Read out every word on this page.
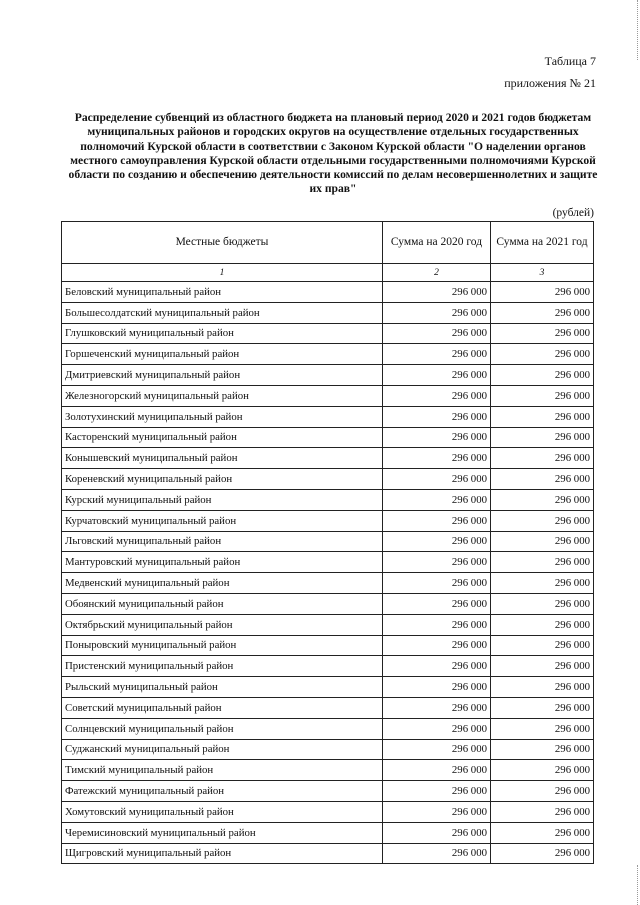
Таблица 7
приложения № 21
Распределение субвенций из областного бюджета на плановый период 2020 и 2021 годов бюджетам муниципальных районов и городских округов на осуществление отдельных государственных полномочий Курской области в соответствии с Законом Курской области "О наделении органов местного самоуправления Курской области отдельными государственными полномочиями Курской области по созданию и обеспечению деятельности комиссий по делам несовершеннолетних и защите их прав"
(рублей)
Местные бюджеты	Сумма на 2020 год	Сумма на 2021 год
1	2	3
Беловский муниципальный район	296 000	296 000
Большесолдатский муниципальный район	296 000	296 000
Глушковский муниципальный район	296 000	296 000
Горшеченский муниципальный район	296 000	296 000
Дмитриевский муниципальный район	296 000	296 000
Железногорский муниципальный район	296 000	296 000
Золотухинский муниципальный район	296 000	296 000
Касторенский муниципальный район	296 000	296 000
Конышевский муниципальный район	296 000	296 000
Кореневский муниципальный район	296 000	296 000
Курский муниципальный район	296 000	296 000
Курчатовский муниципальный район	296 000	296 000
Льговский муниципальный район	296 000	296 000
Мантуровский муниципальный район	296 000	296 000
Медвенский муниципальный район	296 000	296 000
Обоянский муниципальный район	296 000	296 000
Октябрьский муниципальный район	296 000	296 000
Поныровский муниципальный район	296 000	296 000
Пристенский муниципальный район	296 000	296 000
Рыльский муниципальный район	296 000	296 000
Советский муниципальный район	296 000	296 000
Солнцевский муниципальный район	296 000	296 000
Суджанский муниципальный район	296 000	296 000
Тимский муниципальный район	296 000	296 000
Фатежский муниципальный район	296 000	296 000
Хомутовский муниципальный район	296 000	296 000
Черемисиновский муниципальный район	296 000	296 000
Щигровский муниципальный район	296 000	296 000
